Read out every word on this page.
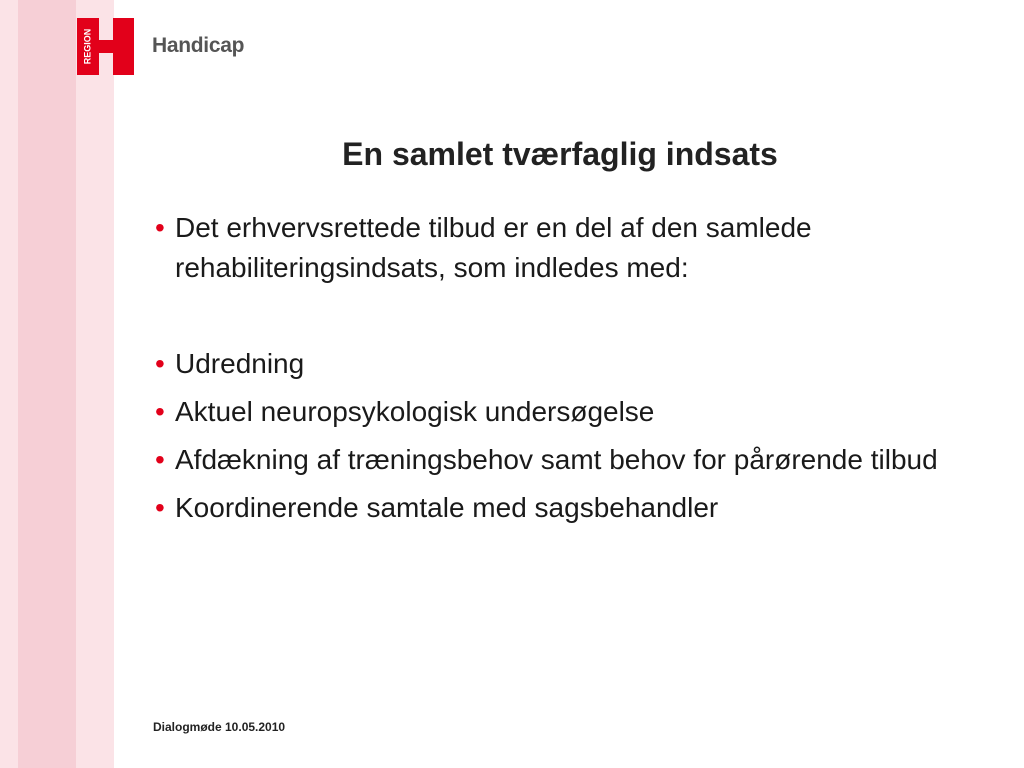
REGION	Handicap
En samlet tværfaglig indsats
• Det erhvervsrettede tilbud er en del af den samlede rehabiliteringsindsats, som indledes med:
• Udredning
• Aktuel neuropsykologisk undersøgelse
• Afdækning af træningsbehov samt behov for pårørende tilbud
• Koordinerende samtale med sagsbehandler
Dialogmøde 10.05.2010
